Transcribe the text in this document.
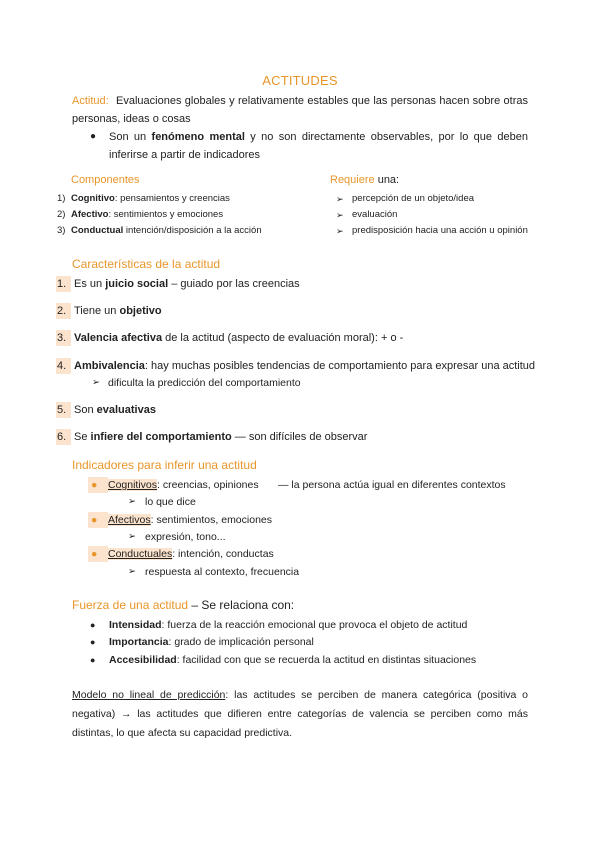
ACTITUDES
Actitud: Evaluaciones globales y relativamente estables que las personas hacen sobre otras personas, ideas o cosas
●	Son un fenómeno mental y no son directamente observables, por lo que deben inferirse a partir de indicadores
Componentes
1) Cognitivo: pensamientos y creencias
2) Afectivo: sentimientos y emociones
3) Conductual intención/disposición a la acción
Requiere una:
➢ percepción de un objeto/idea
➢ evaluación
➢ predisposición hacia una acción u opinión
Características de la actitud
1. Es un juicio social – guiado por las creencias
2. Tiene un objetivo
3. Valencia afectiva de la actitud (aspecto de evaluación moral): + o -
4. Ambivalencia: hay muchas posibles tendencias de comportamiento para expresar una actitud
➢ dificulta la predicción del comportamiento
5. Son evaluativas
6. Se infiere del comportamiento — son difíciles de observar
Indicadores para inferir una actitud
●	Cognitivos: creencias, opiniones — la persona actúa igual en diferentes contextos
➢ lo que dice
●	Afectivos: sentimientos, emociones
➢ expresión, tono...
●	Conductuales: intención, conductas
➢ respuesta al contexto, frecuencia
Fuerza de una actitud – Se relaciona con:
●	Intensidad: fuerza de la reacción emocional que provoca el objeto de actitud
●	Importancia: grado de implicación personal
●	Accesibilidad: facilidad con que se recuerda la actitud en distintas situaciones
Modelo no lineal de predicción: las actitudes se perciben de manera categórica (positiva o negativa) → las actitudes que difieren entre categorías de valencia se perciben como más distintas, lo que afecta su capacidad predictiva.
